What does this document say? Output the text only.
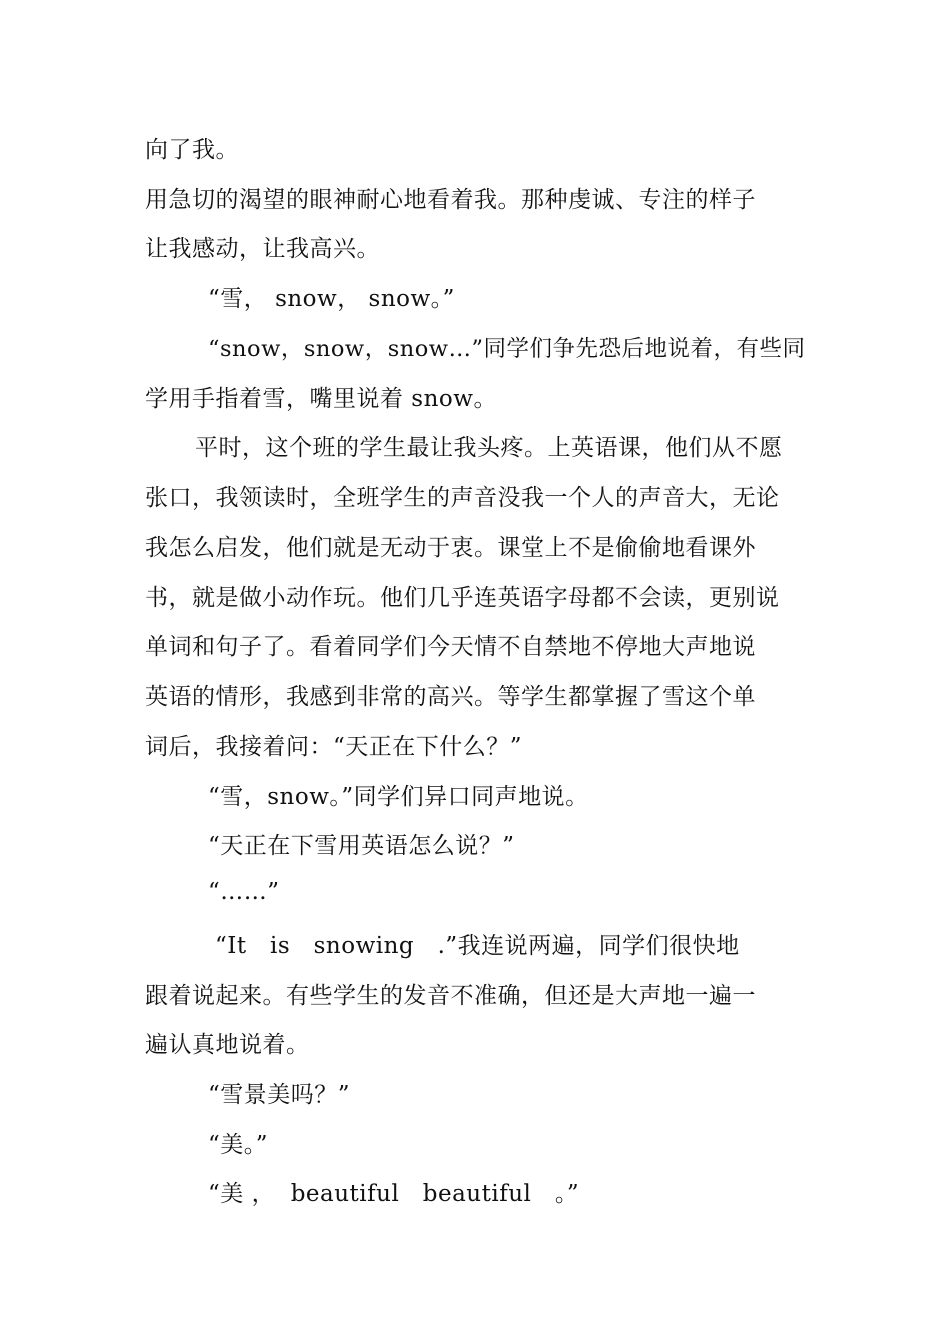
向了我。
用急切的渴望的眼神耐心地看着我。那种虔诚、专注的样子
让我感动，让我高兴。
“雪， snow， snow。”
“snow，snow，snow…”同学们争先恐后地说着，有些同
学用手指着雪，嘴里说着 snow。
平时，这个班的学生最让我头疼。上英语课，他们从不愿
张口，我领读时，全班学生的声音没我一个人的声音大，无论
我怎么启发，他们就是无动于衷。课堂上不是偷偷地看课外
书，就是做小动作玩。他们几乎连英语字母都不会读，更别说
单词和句子了。看着同学们今天情不自禁地不停地大声地说
英语的情形，我感到非常的高兴。等学生都掌握了雪这个单
词后，我接着问：“天正在下什么？”
“雪，snow。”同学们异口同声地说。
“天正在下雪用英语怎么说？”
“……”
“It   is   snowing   .”我连说两遍，同学们很快地
跟着说起来。有些学生的发音不准确，但还是大声地一遍一
遍认真地说着。
“雪景美吗？”
“美。”
“美 ，  beautiful   beautiful   。”
